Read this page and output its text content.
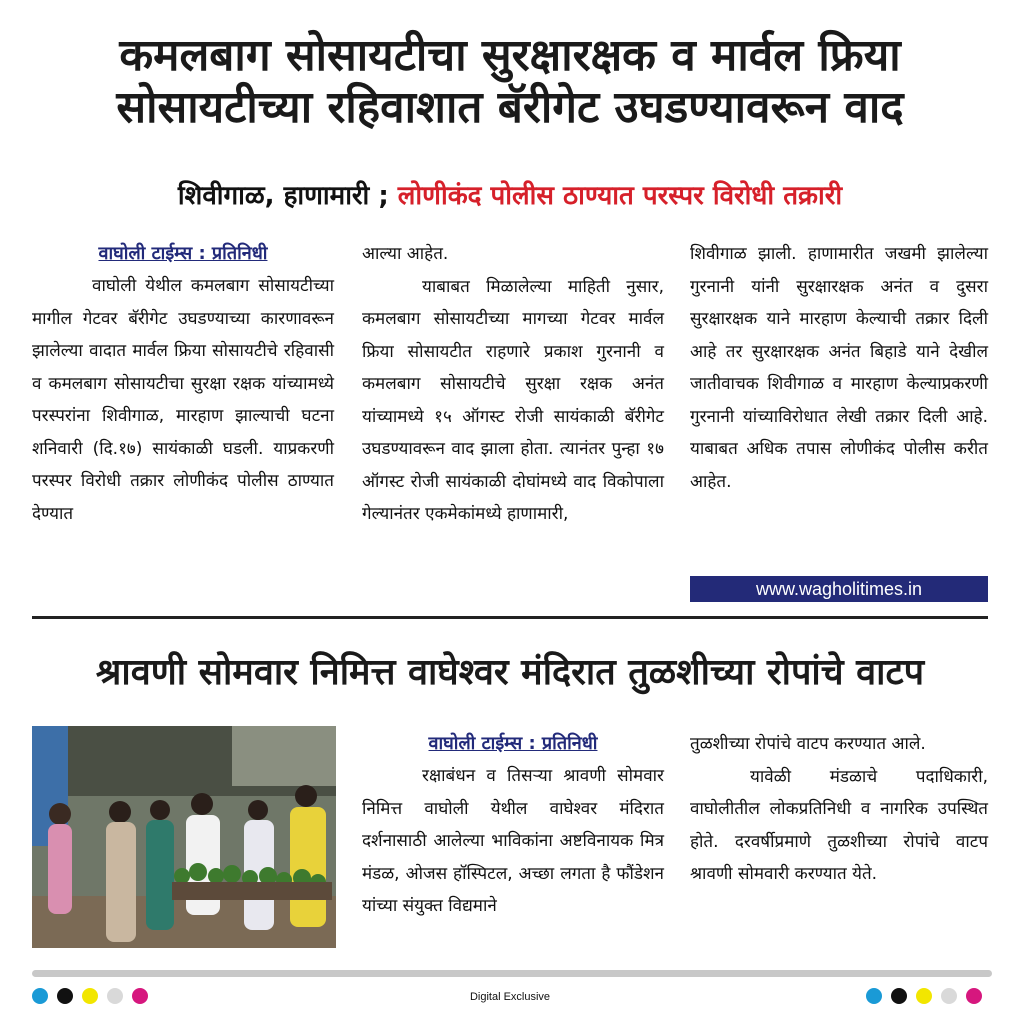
कमलबाग सोसायटीचा सुरक्षारक्षक व मार्वल फ्रिया सोसायटीच्या रहिवाशात बॅरीगेट उघडण्यावरून वाद
शिवीगाळ, हाणामारी ; लोणीकंद पोलीस ठाण्यात परस्पर विरोधी तक्रारी
वाघोली टाईम्स : प्रतिनिधी

वाघोली येथील कमलबाग सोसायटीच्या मागील गेटवर बॅरीगेट उघडण्याच्या कारणावरून झालेल्या वादात मार्वल फ्रिया सोसायटीचे रहिवासी व कमलबाग सोसायटीचा सुरक्षा रक्षक यांच्यामध्ये परस्परांना शिवीगाळ, मारहाण झाल्याची घटना शनिवारी (दि.१७) सायंकाळी घडली. याप्रकरणी परस्पर विरोधी तक्रार लोणीकंद पोलीस ठाण्यात देण्यात

आल्या आहेत.

याबाबत मिळालेल्या माहिती नुसार, कमलबाग सोसायटीच्या मागच्या गेटवर मार्वल फ्रिया सोसायटीत राहणारे प्रकाश गुरनानी व कमलबाग सोसायटीचे सुरक्षा रक्षक अनंत यांच्यामध्ये १५ ऑगस्ट रोजी सायंकाळी बॅरीगेट उघडण्यावरून वाद झाला होता. त्यानंतर पुन्हा १७ ऑगस्ट रोजी सायंकाळी दोघांमध्ये वाद विकोपाला गेल्यानंतर एकमेकांमध्ये हाणामारी,

शिवीगाळ झाली. हाणामारीत जखमी झालेल्या गुरनानी यांनी सुरक्षारक्षक अनंत व दुसरा सुरक्षारक्षक याने मारहाण केल्याची तक्रार दिली आहे तर सुरक्षारक्षक अनंत बिहाडे याने देखील जातीवाचक शिवीगाळ व मारहाण केल्याप्रकरणी गुरनानी यांच्याविरोधात लेखी तक्रार दिली आहे. याबाबत अधिक तपास लोणीकंद पोलीस करीत आहेत.

www.wagholitimes.in
श्रावणी सोमवार निमित्त वाघेश्वर मंदिरात तुळशीच्या रोपांचे वाटप
वाघोली टाईम्स : प्रतिनिधी

रक्षाबंधन व तिसऱ्या श्रावणी सोमवार निमित्त वाघोली येथील वाघेश्वर मंदिरात दर्शनासाठी आलेल्या भाविकांना अष्टविनायक मित्र मंडळ, ओजस हॉस्पिटल, अच्छा लगता है फौंडेशन यांच्या संयुक्त विद्यमाने

तुळशीच्या रोपांचे वाटप करण्यात आले.

यावेळी मंडळाचे पदाधिकारी, वाघोलीतील लोकप्रतिनिधी व नागरिक उपस्थित होते. दरवर्षीप्रमाणे तुळशीच्या रोपांचे वाटप श्रावणी सोमवारी करण्यात येते.

Digital Exclusive
